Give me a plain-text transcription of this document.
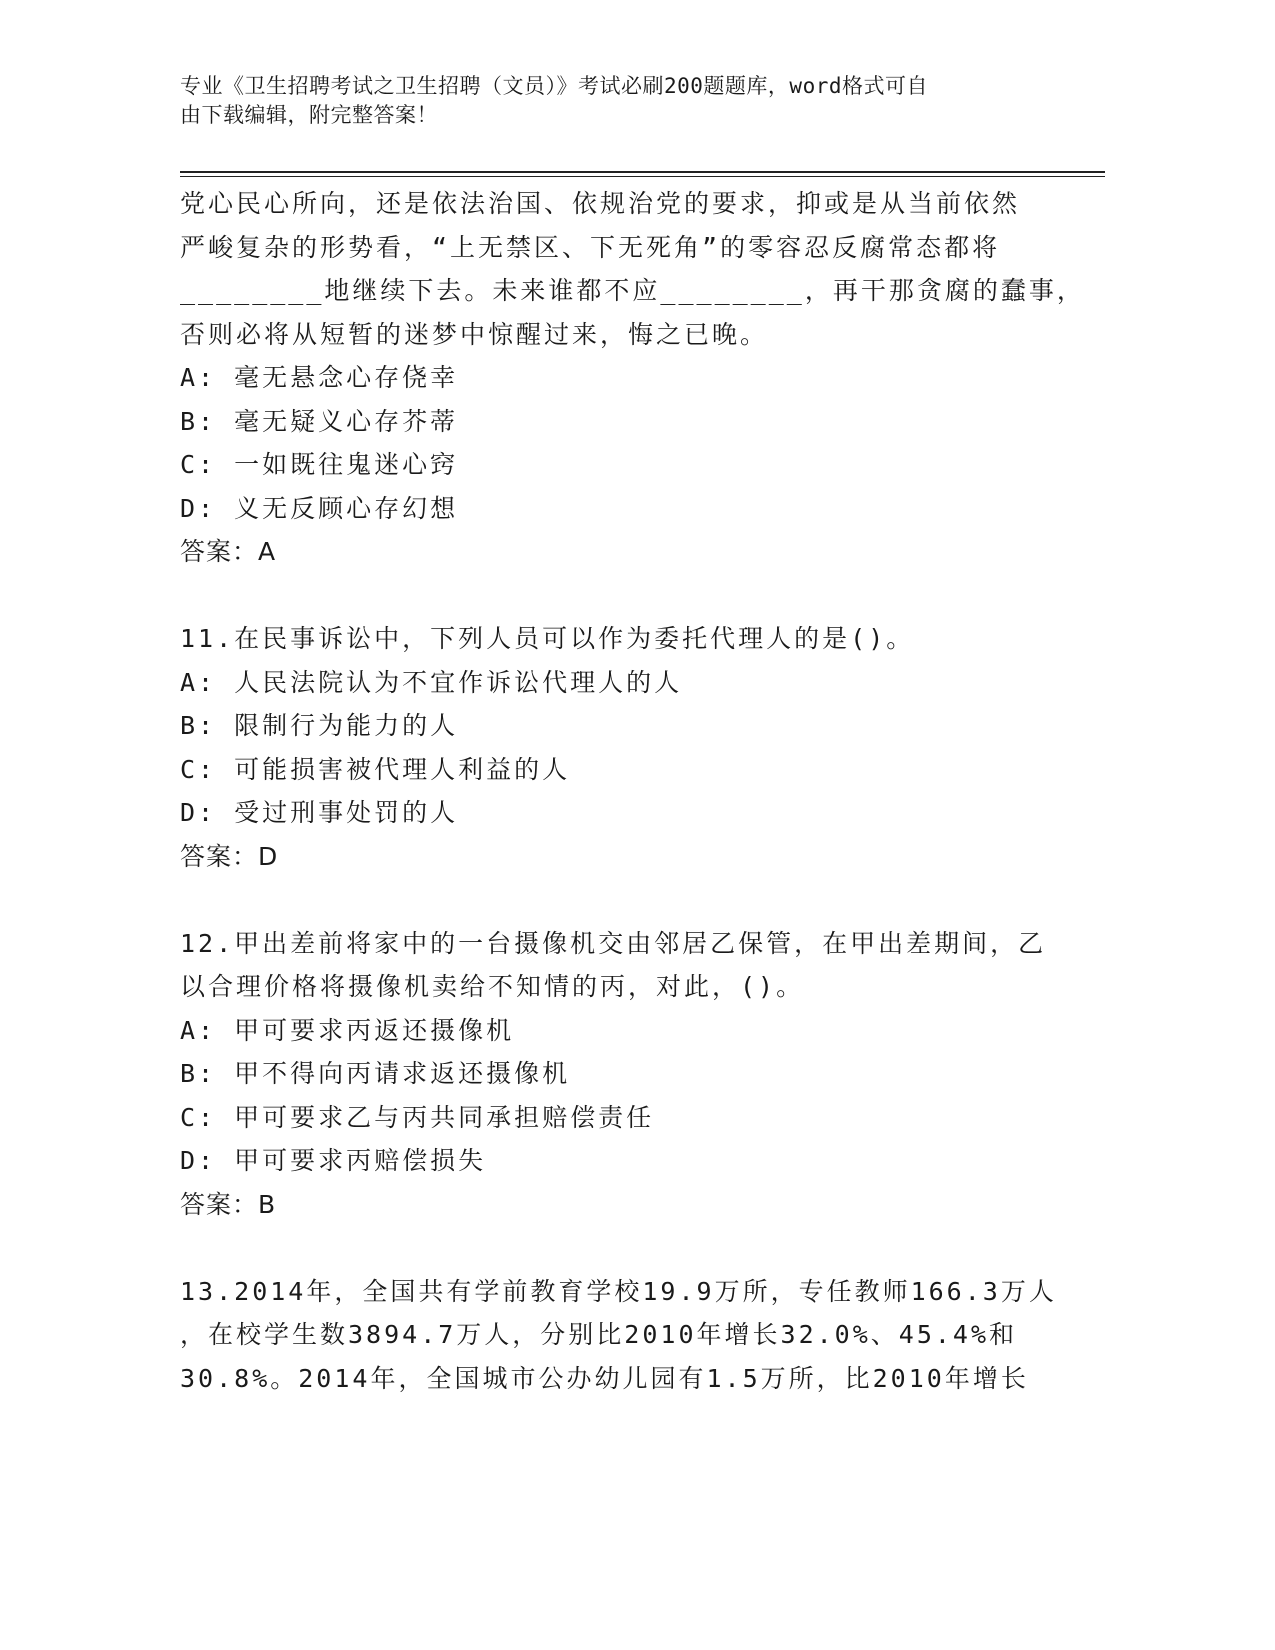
专业《卫生招聘考试之卫生招聘（文员）》考试必刷200题题库，word格式可自
由下载编辑，附完整答案！
党心民心所向，还是依法治国、依规治党的要求，抑或是从当前依然
严峻复杂的形势看，“上无禁区、下无死角”的零容忍反腐常态都将
________地继续下去。未来谁都不应________，再干那贪腐的蠢事，
否则必将从短暂的迷梦中惊醒过来，悔之已晚。
A: 毫无悬念心存侥幸
B: 毫无疑义心存芥蒂
C: 一如既往鬼迷心窍
D: 义无反顾心存幻想
答案：A
11.在民事诉讼中，下列人员可以作为委托代理人的是()。
A: 人民法院认为不宜作诉讼代理人的人
B: 限制行为能力的人
C: 可能损害被代理人利益的人
D: 受过刑事处罚的人
答案：D
12.甲出差前将家中的一台摄像机交由邻居乙保管，在甲出差期间，乙
以合理价格将摄像机卖给不知情的丙，对此，()。
A: 甲可要求丙返还摄像机
B: 甲不得向丙请求返还摄像机
C: 甲可要求乙与丙共同承担赔偿责任
D: 甲可要求丙赔偿损失
答案：B
13.2014年，全国共有学前教育学校19.9万所，专任教师166.3万人
，在校学生数3894.7万人，分别比2010年增长32.0%、45.4%和
30.8%。2014年，全国城市公办幼儿园有1.5万所，比2010年增长
